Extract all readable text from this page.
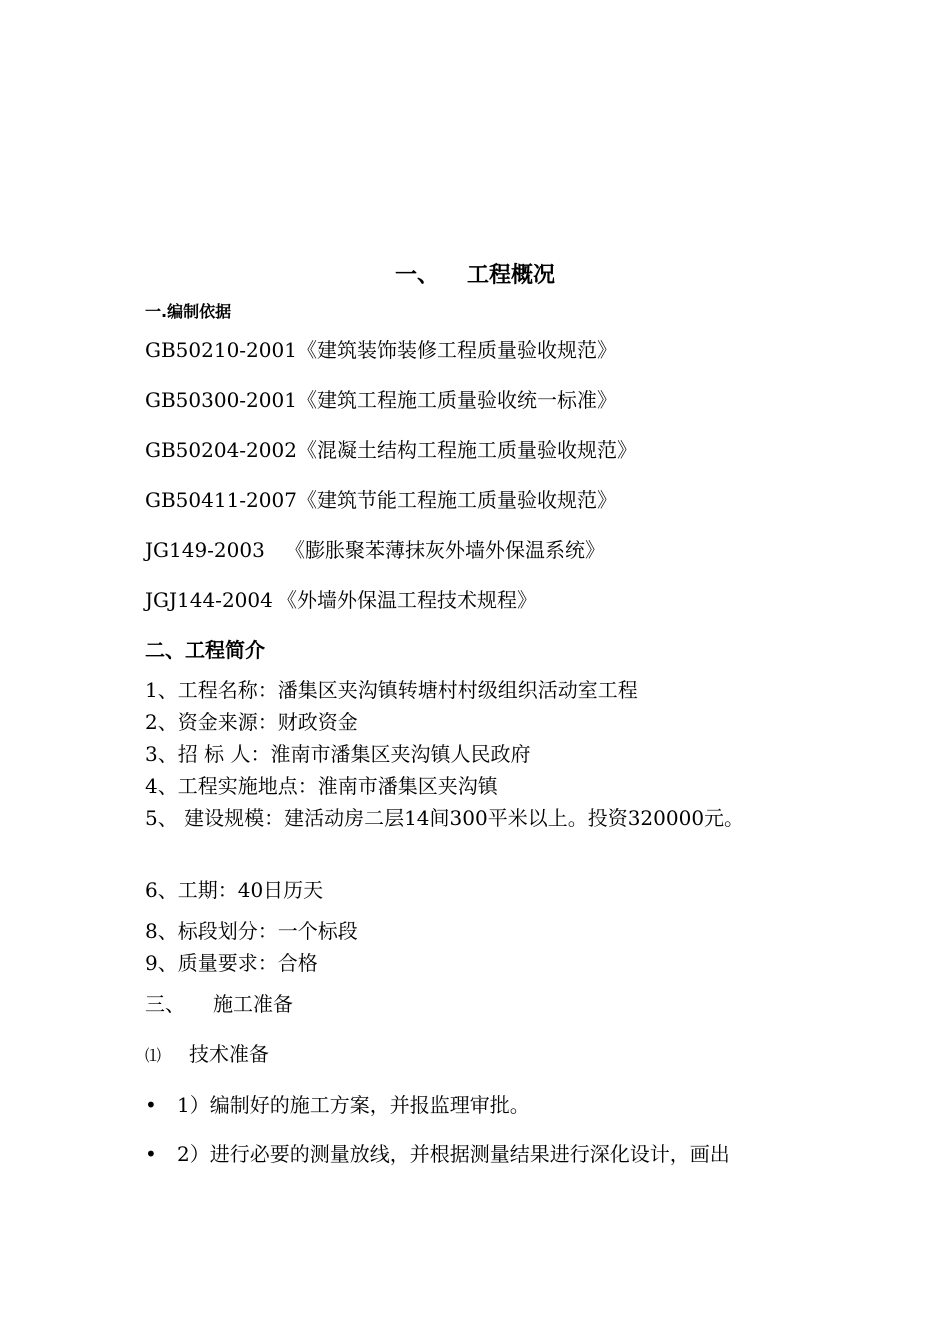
一、 工程概况
一.编制依据
GB50210-2001《建筑装饰装修工程质量验收规范》
GB50300-2001《建筑工程施工质量验收统一标准》
GB50204-2002《混凝土结构工程施工质量验收规范》
GB50411-2007《建筑节能工程施工质量验收规范》
JG149-2003 《膨胀聚苯薄抹灰外墙外保温系统》
JGJ144-2004 《外墙外保温工程技术规程》
二、工程简介
1、工程名称：潘集区夹沟镇转塘村村级组织活动室工程
2、资金来源：财政资金
3、招 标 人：淮南市潘集区夹沟镇人民政府
4、工程实施地点：淮南市潘集区夹沟镇
5、 建设规模：建活动房二层14间300平米以上。投资320000元。
6、工期：40日历天
8、标段划分：一个标段
9、质量要求：合格
三、 施工准备
⑴ 技术准备
• 1）编制好的施工方案，并报监理审批。
• 2）进行必要的测量放线，并根据测量结果进行深化设计，画出
